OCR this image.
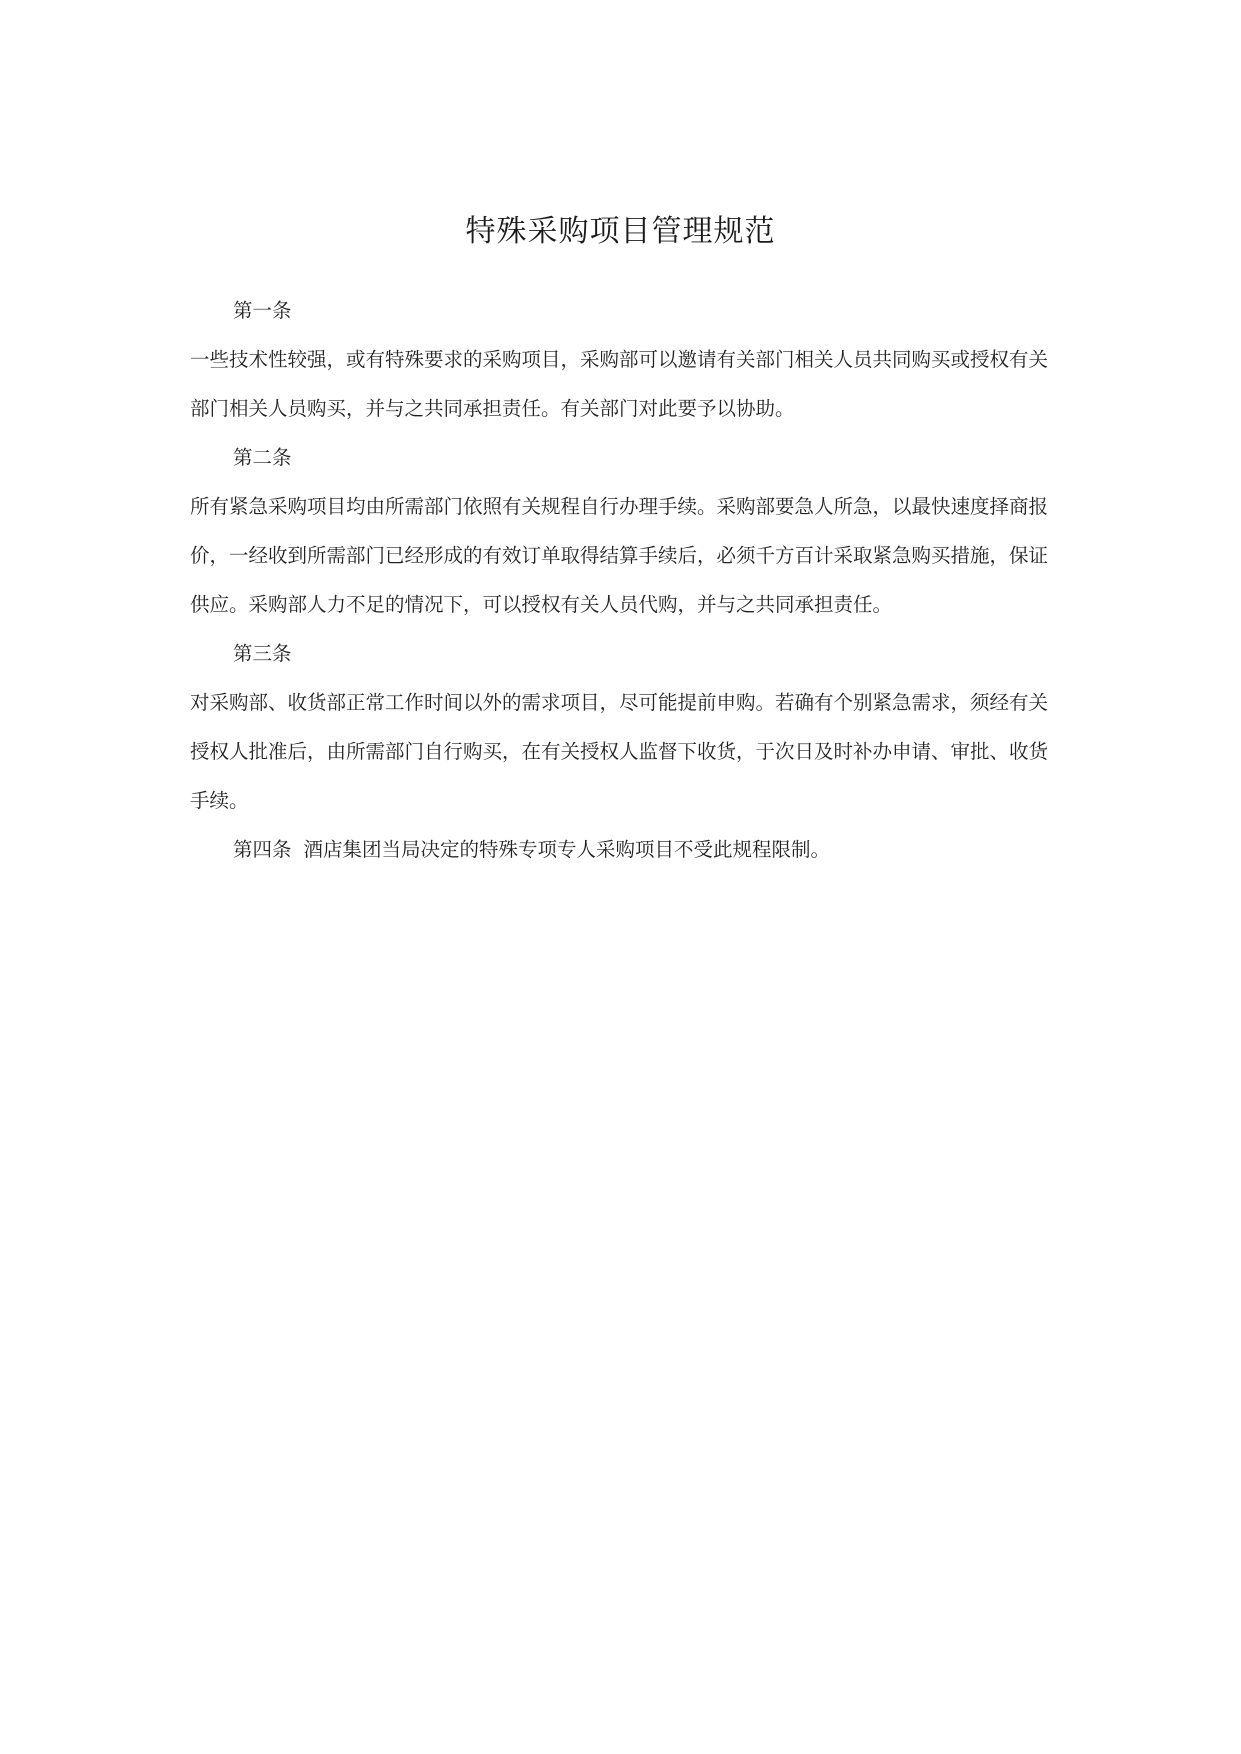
特殊采购项目管理规范

第一条

一些技术性较强，或有特殊要求的采购项目，采购部可以邀请有关部门相关人员共同购买或授权有关部门相关人员购买，并与之共同承担责任。有关部门对此要予以协助。

第二条

所有紧急采购项目均由所需部门依照有关规程自行办理手续。采购部要急人所急，以最快速度择商报价，一经收到所需部门已经形成的有效订单取得结算手续后，必须千方百计采取紧急购买措施，保证供应。采购部人力不足的情况下，可以授权有关人员代购，并与之共同承担责任。

第三条

对采购部、收货部正常工作时间以外的需求项目，尽可能提前申购。若确有个别紧急需求，须经有关授权人批准后，由所需部门自行购买，在有关授权人监督下收货，于次日及时补办申请、审批、收货手续。

第四条 酒店集团当局决定的特殊专项专人采购项目不受此规程限制。
